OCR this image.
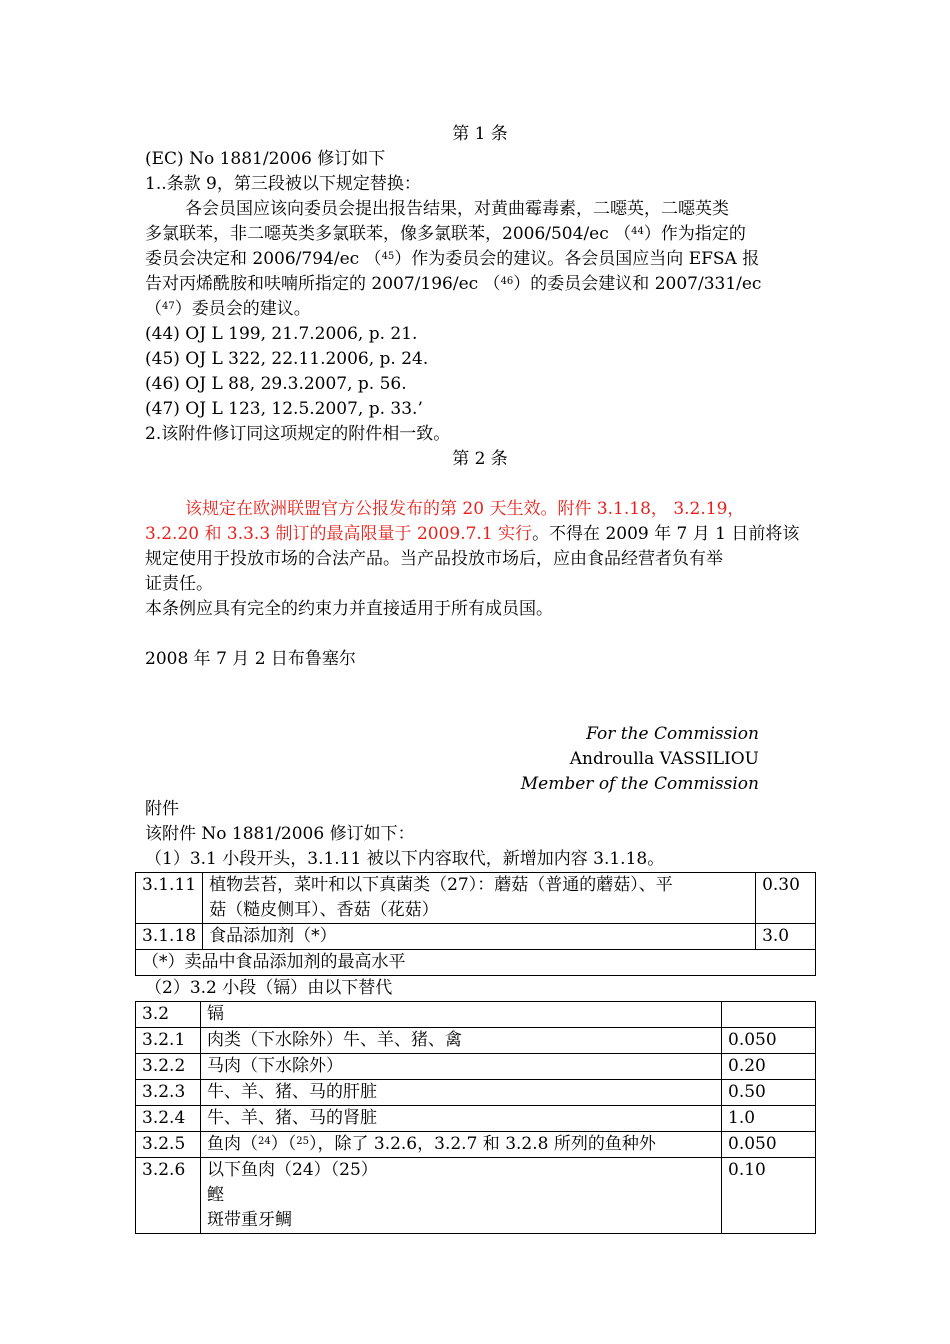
第 1 条
(EC) No 1881/2006 修订如下
1..条款 9，第三段被以下规定替换：
各会员国应该向委员会提出报告结果，对黄曲霉毒素，二噁英，二噁英类
多氯联苯，非二噁英类多氯联苯，像多氯联苯，2006/504/ec （$^{44}$）作为指定的
委员会决定和 2006/794/ec （$^{45}$）作为委员会的建议。各会员国应当向 EFSA 报
告对丙烯酰胺和呋喃所指定的 2007/196/ec （$^{46}$）的委员会建议和 2007/331/ec
（$^{47}$）委员会的建议。
(44) OJ L 199, 21.7.2006, p. 21.
(45) OJ L 322, 22.11.2006, p. 24.
(46) OJ L 88, 29.3.2007, p. 56.
(47) OJ L 123, 12.5.2007, p. 33.’
2.该附件修订同这项规定的附件相一致。
第 2 条
该规定在欧洲联盟官方公报发布的第 20 天生效。附件 3.1.18， 3.2.19，
3.2.20 和 3.3.3 制订的最高限量于 2009.7.1 实行。不得在 2009 年 7 月 1 日前将该
规定使用于投放市场的合法产品。当产品投放市场后，应由食品经营者负有举
证责任。
本条例应具有完全的约束力并直接适用于所有成员国。
2008 年 7 月 2 日布鲁塞尔
For the Commission
Androulla VASSILIOU
Member of the Commission
附件
该附件 No 1881/2006 修订如下：
（1）3.1 小段开头，3.1.11 被以下内容取代，新增加内容 3.1.18。
3.1.11	植物芸苔，菜叶和以下真菌类（27）：蘑菇（普通的蘑菇）、平
菇（糙皮侧耳）、香菇（花菇）	0.30
3.1.18	食品添加剂（*）	3.0
（*）卖品中食品添加剂的最高水平		
（2）3.2 小段（镉）由以下替代
3.2	镉	
3.2.1	肉类（下水除外）牛、羊、猪、禽	0.050
3.2.2	马肉（下水除外）	0.20
3.2.3	牛、羊、猪、马的肝脏	0.50
3.2.4	牛、羊、猪、马的肾脏	1.0
3.2.5	鱼肉（$^{24}$）（$^{25}$），除了 3.2.6，3.2.7 和 3.2.8 所列的鱼种外	0.050
3.2.6	以下鱼肉（24）（25）
鲣
斑带重牙鲷	0.10
